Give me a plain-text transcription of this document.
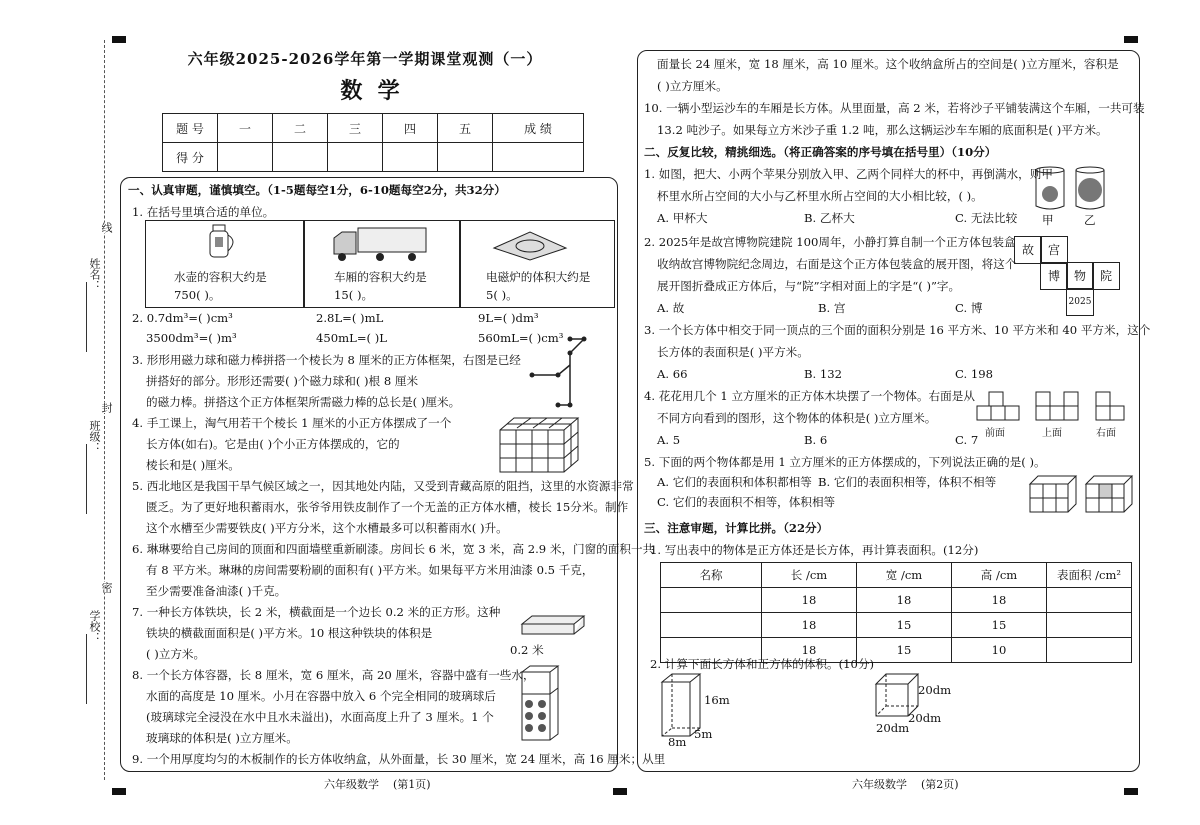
姓名：
班级：
学校：
线
封
密
六年级2025-2026学年第一学期课堂观测（一）
数  学
题 号	一	二	三	四	五	成 绩
得 分						
一、认真审题，谨慎填空。（1-5题每空1分，6-10题每空2分，共32分）
1. 在括号里填合适的单位。
水壶的容积大约是
750( )。
车厢的容积大约是
15( )。
电磁炉的体积大约是
5( )。
2. 0.7dm³=( )cm³	2.8L=( )mL	9L=( )dm³
3500dm³=( )m³	450mL=( )L	560mL=( )cm³
3. 形形用磁力球和磁力棒拼搭一个棱长为 8 厘米的正方体框架，右图是已经
拼搭好的部分。形形还需要( )个磁力球和( )根 8 厘米
的磁力棒。拼搭这个正方体框架所需磁力棒的总长是( )厘米。
4. 手工课上，淘气用若干个棱长 1 厘米的小正方体摆成了一个
长方体(如右)。它是由( )个小正方体摆成的，它的
棱长和是( )厘米。
5. 西北地区是我国干旱气候区域之一，因其地处内陆，又受到青藏高原的阻挡，这里的水资源非常
匮乏。为了更好地积蓄雨水，张爷爷用铁皮制作了一个无盖的正方体水槽，棱长 15分米。制作
这个水槽至少需要铁皮( )平方分米，这个水槽最多可以积蓄雨水( )升。
6. 琳琳要给自己房间的顶面和四面墙壁重新刷漆。房间长 6 米，宽 3 米，高 2.9 米，门窗的面积一共
有 8 平方米。琳琳的房间需要粉刷的面积有( )平方米。如果每平方米用油漆 0.5 千克，
至少需要准备油漆( )千克。
7. 一种长方体铁块，长 2 米，横截面是一个边长 0.2 米的正方形。这种
铁块的横截面面积是( )平方米。10 根这种铁块的体积是
( )立方米。	0.2 米
8. 一个长方体容器，长 8 厘米，宽 6 厘米，高 20 厘米，容器中盛有一些水，
水面的高度是 10 厘米。小月在容器中放入 6 个完全相同的玻璃球后
(玻璃球完全浸没在水中且水未溢出)，水面高度上升了 3 厘米。1 个
玻璃球的体积是( )立方厘米。
9. 一个用厚度均匀的木板制作的长方体收纳盒，从外面量，长 30 厘米，宽 24 厘米，高 16 厘米；从里
六年级数学    (第1页)
面量长 24 厘米，宽 18 厘米，高 10 厘米。这个收纳盒所占的空间是( )立方厘米，容积是
( )立方厘米。
10. 一辆小型运沙车的车厢是长方体。从里面量，高 2 米，若将沙子平铺装满这个车厢，一共可装
13.2 吨沙子。如果每立方米沙子重 1.2 吨，那么这辆运沙车车厢的底面积是( )平方米。
二、反复比较，精挑细选。（将正确答案的序号填在括号里）（10分）
1. 如图，把大、小两个苹果分别放入甲、乙两个同样大的杯中，再倒满水，则甲
杯里水所占空间的大小与乙杯里水所占空间的大小相比较，( )。
A. 甲杯大	B. 乙杯大	C. 无法比较 甲	乙
2. 2025年是故宫博物院建院 100周年，小静打算自制一个正方体包装盒
收纳故宫博物院纪念周边，右面是这个正方体包装盒的展开图，将这个
展开图折叠成正方体后，与“院”字相对面上的字是“( )”字。
A. 故	B. 宫	C. 博
故	宫
博	物	院
2025
3. 一个长方体中相交于同一顶点的三个面的面积分别是 16 平方米、10 平方米和 40 平方米，这个
长方体的表面积是( )平方米。
A. 66	B. 132	C. 198
4. 花花用几个 1 立方厘米的正方体木块摆了一个物体。右面是从
不同方向看到的图形，这个物体的体积是( )立方厘米。
A. 5	B. 6	C. 7 前面	上面	右面
5. 下面的两个物体都是用 1 立方厘米的正方体摆成的，下列说法正确的是( )。
A. 它们的表面积和体积都相等 B. 它们的表面积相等，体积不相等
C. 它们的表面积不相等，体积相等
三、注意审题，计算比拼。（22分）
1. 写出表中的物体是正方体还是长方体，再计算表面积。(12分)
名称	长 /cm	宽 /cm	高 /cm	表面积 /cm²
	18	18	18	
	18	15	15	
	18	15	10	
2. 计算下面长方体和正方体的体积。(10分)
16m
8m
5m
20dm
20dm
20dm
六年级数学    (第2页)
